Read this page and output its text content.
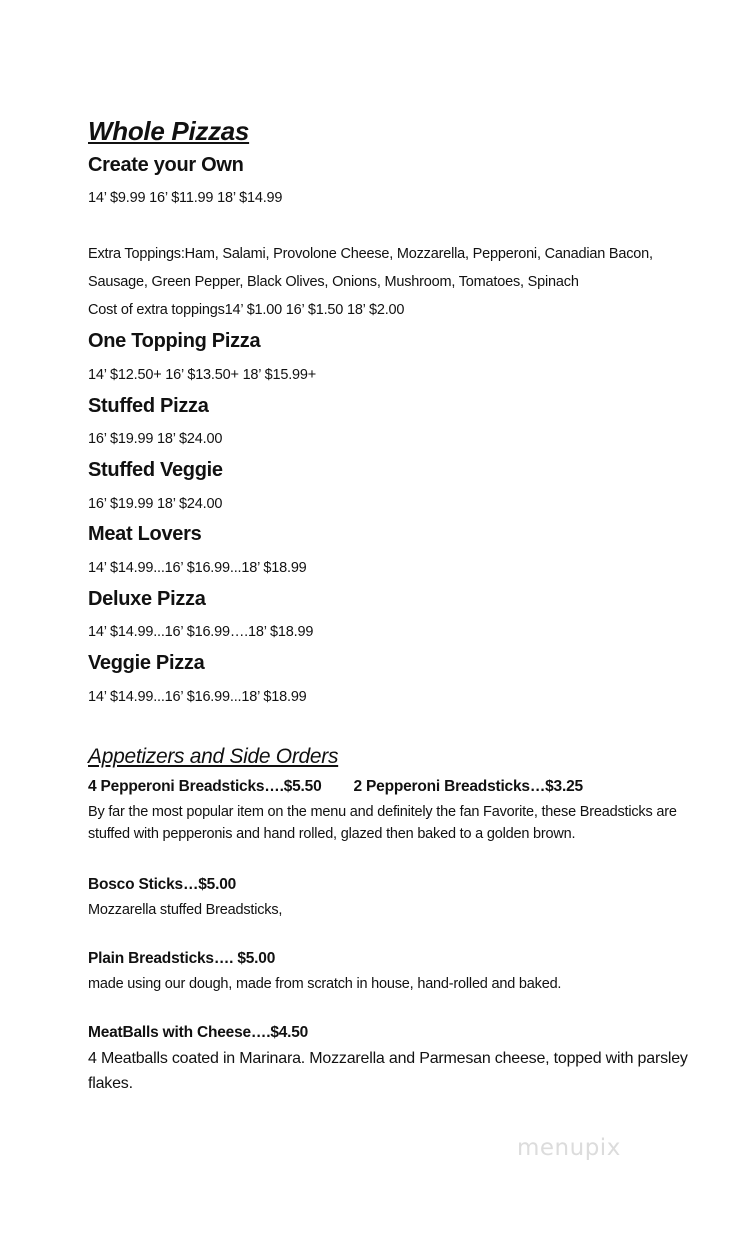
Whole Pizzas
Create your Own
14’ $9.99 16’ $11.99 18’ $14.99
Extra Toppings:Ham, Salami, Provolone Cheese, Mozzarella, Pepperoni, Canadian Bacon,
Sausage, Green Pepper, Black Olives, Onions, Mushroom, Tomatoes, Spinach
Cost of extra toppings14’ $1.00 16’ $1.50 18’ $2.00
One Topping Pizza
14’ $12.50+ 16’ $13.50+ 18’ $15.99+
Stuffed Pizza
16’ $19.99 18’ $24.00
Stuffed Veggie
16’ $19.99 18’ $24.00
Meat Lovers
14’ $14.99...16’ $16.99...18’ $18.99
Deluxe Pizza
14’ $14.99...16’ $16.99….18’ $18.99
Veggie Pizza
14’ $14.99...16’ $16.99...18’ $18.99
Appetizers and Side Orders
4 Pepperoni Breadsticks….$5.50 2 Pepperoni Breadsticks…$3.25
By far the most popular item on the menu and definitely the fan Favorite, these Breadsticks are stuffed with pepperonis and hand rolled, glazed then baked to a golden brown.
Bosco Sticks…$5.00
Mozzarella stuffed Breadsticks,
Plain Breadsticks…. $5.00
made using our dough, made from scratch in house, hand-rolled and baked.
MeatBalls with Cheese….$4.50
4 Meatballs coated in Marinara. Mozzarella and Parmesan cheese, topped with parsley flakes.
menupix
